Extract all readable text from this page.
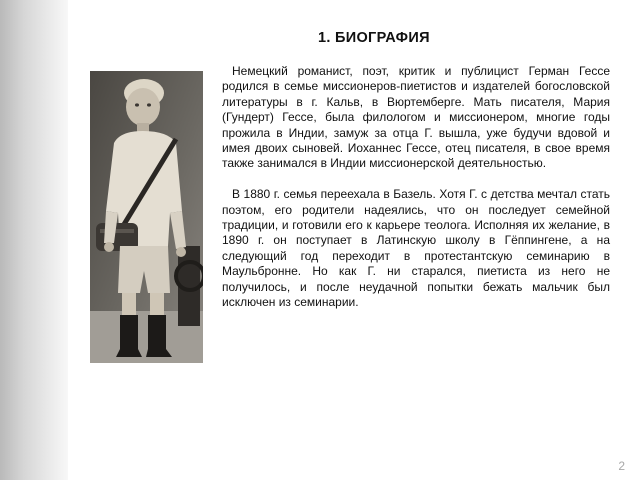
1. БИОГРАФИЯ

Немецкий романист, поэт, критик и публицист Герман Гессе родился в семье миссионеров-пиетистов и издателей богословской литературы в г. Кальв, в Вюртемберге. Мать писателя, Мария (Гундерт) Гессе, была филологом и миссионером, многие годы прожила в Индии, замуж за отца Г. вышла, уже будучи вдовой и имея двоих сыновей. Иоханнес Гессе, отец писателя, в свое время также занимался в Индии миссионерской деятельностью.

В 1880 г. семья переехала в Базель. Хотя Г. с детства мечтал стать поэтом, его родители надеялись, что он последует семейной традиции, и готовили его к карьере теолога. Исполняя их желание, в 1890 г. он поступает в Латинскую школу в Гёппингене, а на следующий год переходит в протестантскую семинарию в Маульбронне. Но как Г. ни старался, пиетиста из него не получилось, и после неудачной попытки бежать мальчик был исключен из семинарии.

2
